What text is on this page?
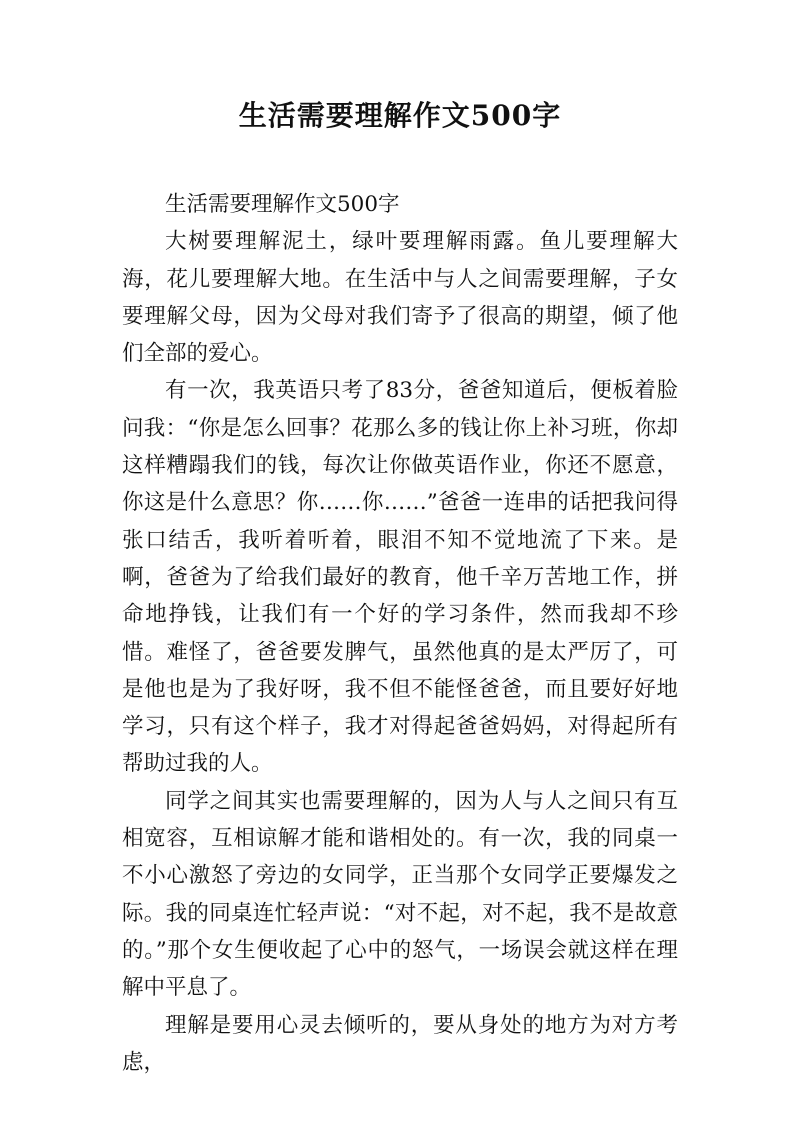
生活需要理解作文500字
生活需要理解作文500字

大树要理解泥土，绿叶要理解雨露。鱼儿要理解大海，花儿要理解大地。在生活中与人之间需要理解，子女要理解父母，因为父母对我们寄予了很高的期望，倾了他们全部的爱心。

有一次，我英语只考了83分，爸爸知道后，便板着脸问我：“你是怎么回事？花那么多的钱让你上补习班，你却这样糟蹋我们的钱，每次让你做英语作业，你还不愿意，你这是什么意思？你……你……”爸爸一连串的话把我问得张口结舌，我听着听着，眼泪不知不觉地流了下来。是啊，爸爸为了给我们最好的教育，他千辛万苦地工作，拼命地挣钱，让我们有一个好的学习条件，然而我却不珍惜。难怪了，爸爸要发脾气，虽然他真的是太严厉了，可是他也是为了我好呀，我不但不能怪爸爸，而且要好好地学习，只有这个样子，我才对得起爸爸妈妈，对得起所有帮助过我的人。

同学之间其实也需要理解的，因为人与人之间只有互相宽容，互相谅解才能和谐相处的。有一次，我的同桌一不小心激怒了旁边的女同学，正当那个女同学正要爆发之际。我的同桌连忙轻声说：“对不起，对不起，我不是故意的。”那个女生便收起了心中的怒气，一场误会就这样在理解中平息了。

理解是要用心灵去倾听的，要从身处的地方为对方考虑，
